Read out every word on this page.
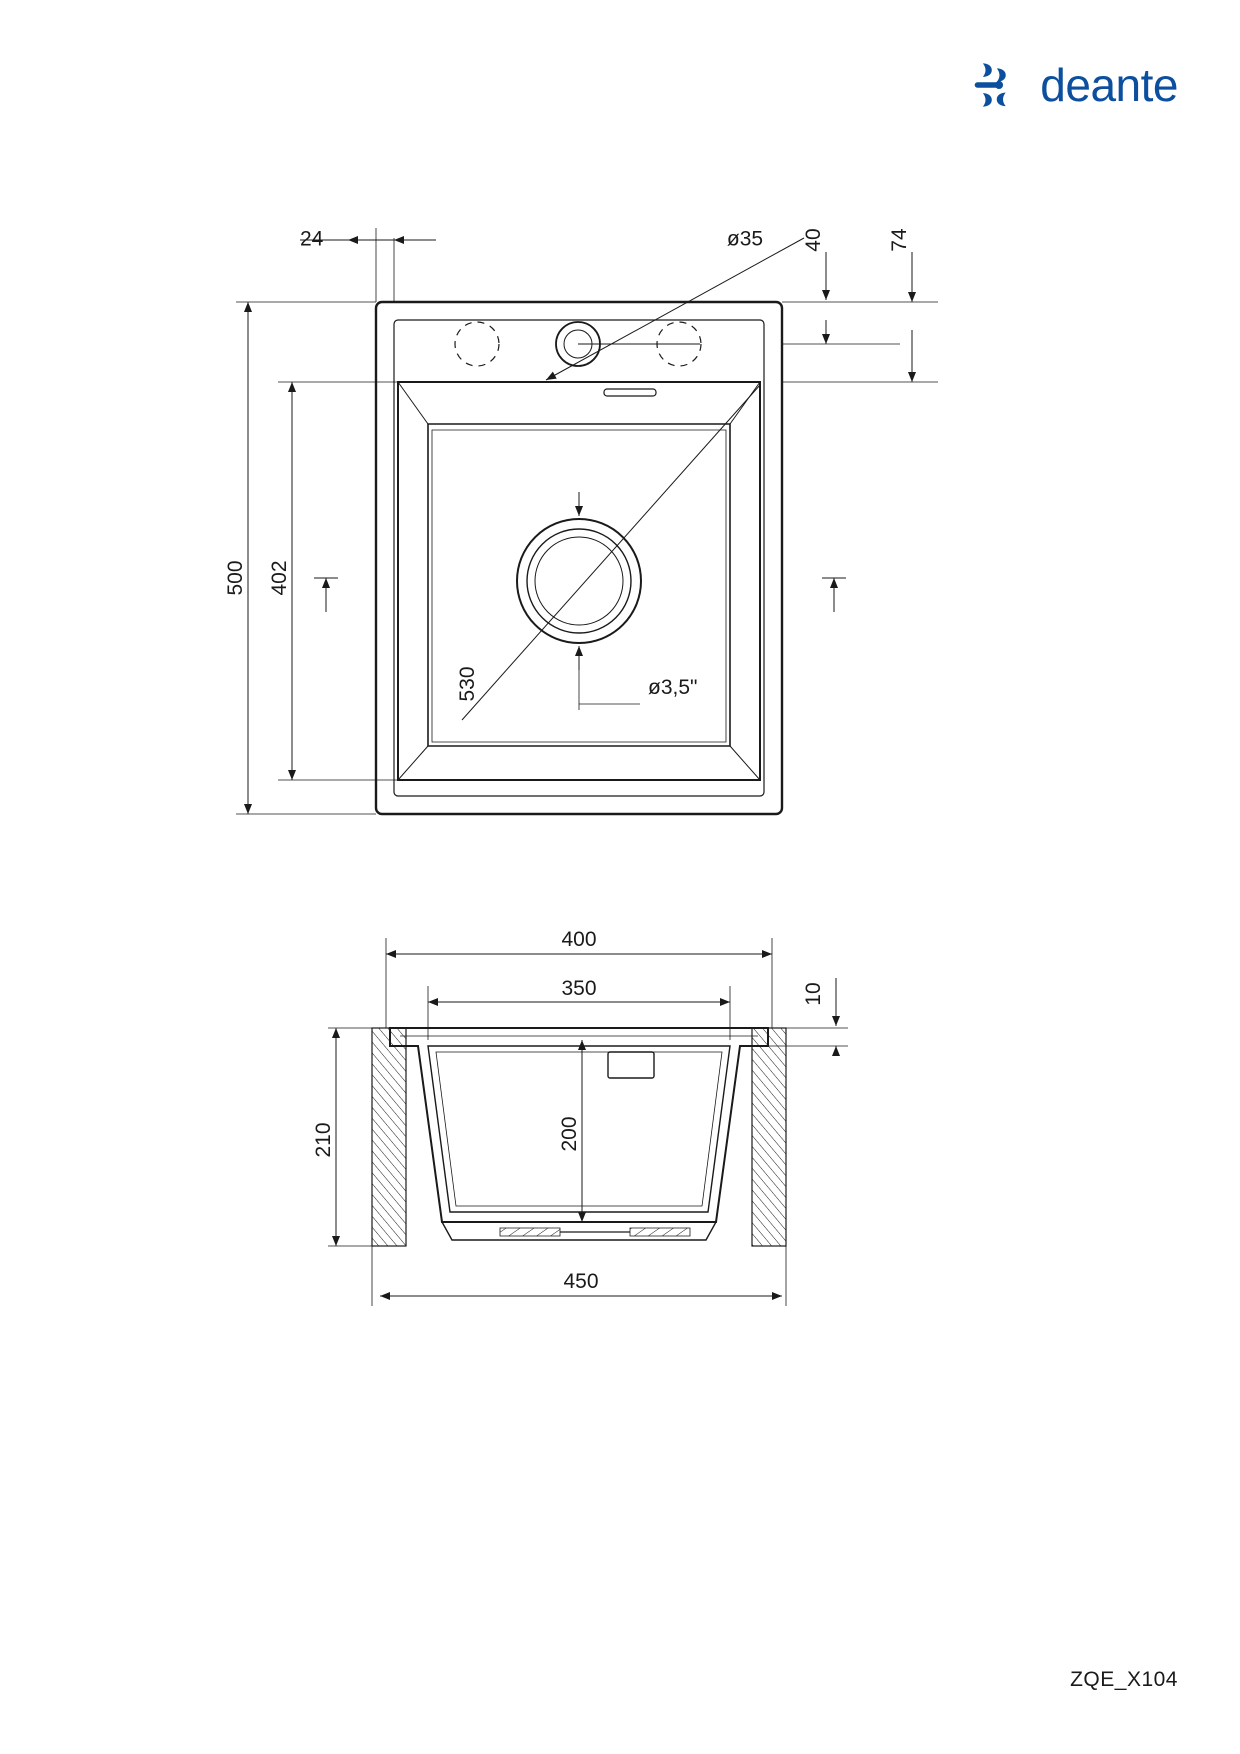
deante
24	ø35 40	74
500 402
530	ø3,5"
400
350	10
210	200
450
ZQE_X104
